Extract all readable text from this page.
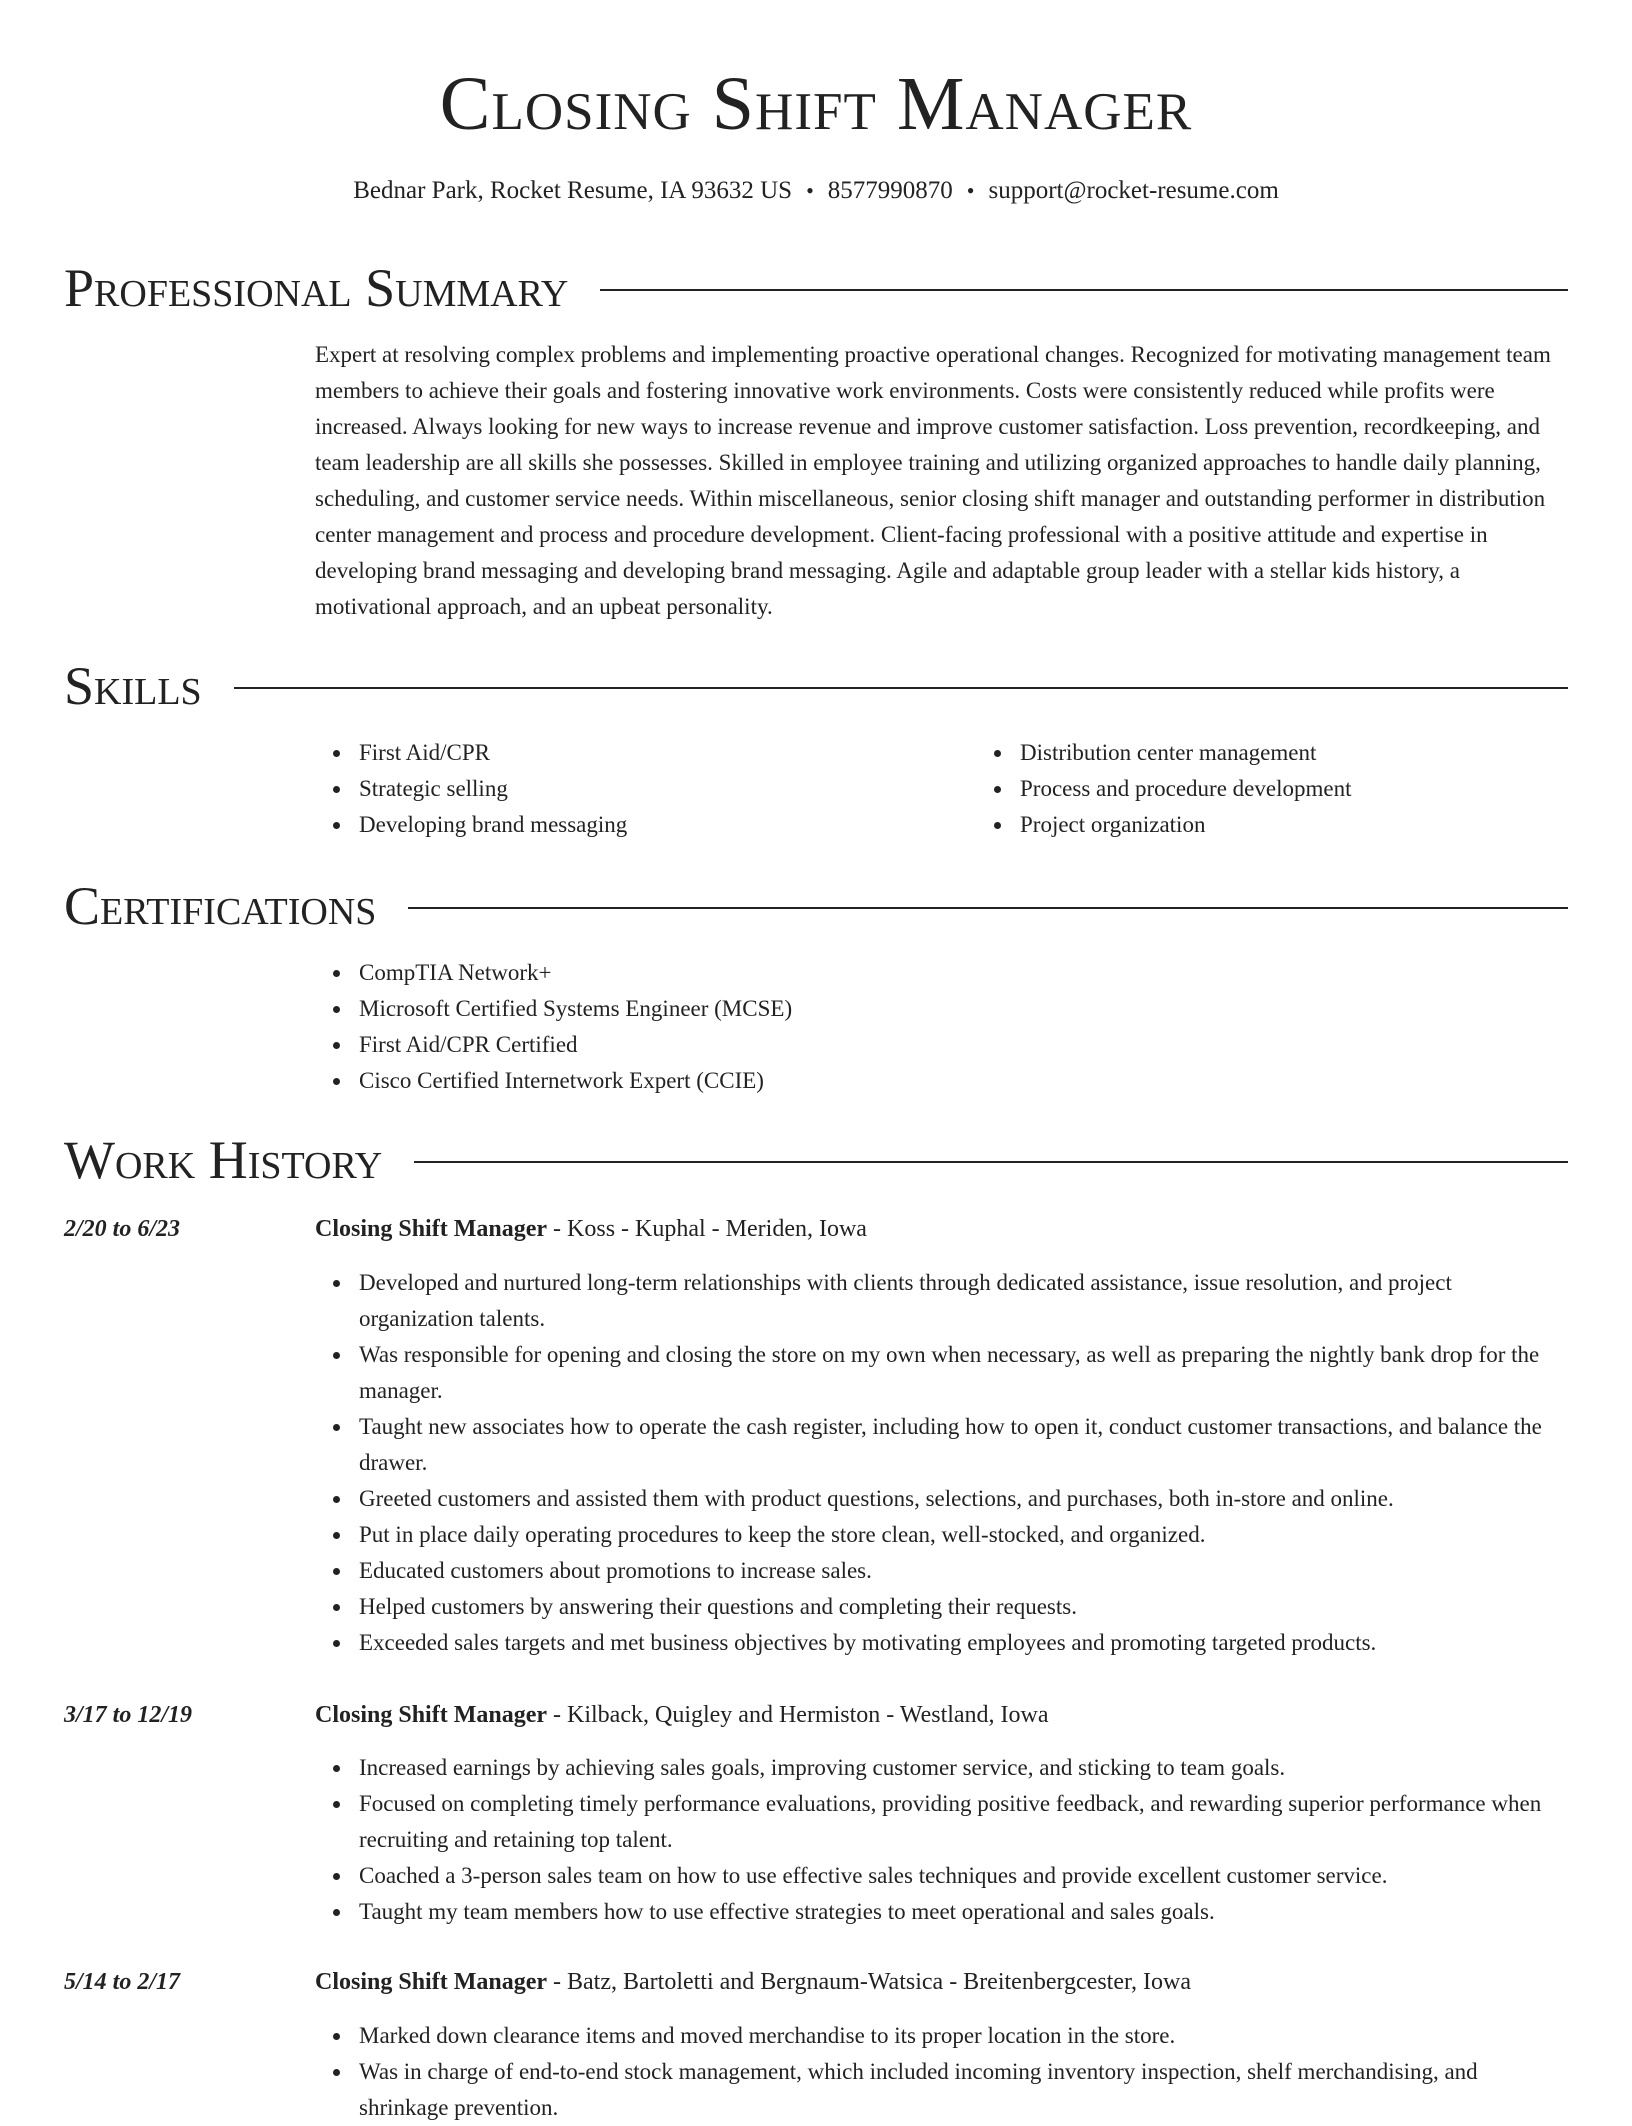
Closing Shift Manager
Bednar Park, Rocket Resume, IA 93632 US • 8577990870 • support@rocket-resume.com
Professional Summary
Expert at resolving complex problems and implementing proactive operational changes. Recognized for motivating management team members to achieve their goals and fostering innovative work environments. Costs were consistently reduced while profits were increased. Always looking for new ways to increase revenue and improve customer satisfaction. Loss prevention, recordkeeping, and team leadership are all skills she possesses. Skilled in employee training and utilizing organized approaches to handle daily planning, scheduling, and customer service needs. Within miscellaneous, senior closing shift manager and outstanding performer in distribution center management and process and procedure development. Client-facing professional with a positive attitude and expertise in developing brand messaging and developing brand messaging. Agile and adaptable group leader with a stellar kids history, a motivational approach, and an upbeat personality.
Skills
First Aid/CPR
Strategic selling
Developing brand messaging
Distribution center management
Process and procedure development
Project organization
Certifications
CompTIA Network+
Microsoft Certified Systems Engineer (MCSE)
First Aid/CPR Certified
Cisco Certified Internetwork Expert (CCIE)
Work History
2/20 to 6/23	Closing Shift Manager - Koss - Kuphal - Meriden, Iowa
Developed and nurtured long-term relationships with clients through dedicated assistance, issue resolution, and project organization talents.
Was responsible for opening and closing the store on my own when necessary, as well as preparing the nightly bank drop for the manager.
Taught new associates how to operate the cash register, including how to open it, conduct customer transactions, and balance the drawer.
Greeted customers and assisted them with product questions, selections, and purchases, both in-store and online.
Put in place daily operating procedures to keep the store clean, well-stocked, and organized.
Educated customers about promotions to increase sales.
Helped customers by answering their questions and completing their requests.
Exceeded sales targets and met business objectives by motivating employees and promoting targeted products.
3/17 to 12/19	Closing Shift Manager - Kilback, Quigley and Hermiston - Westland, Iowa
Increased earnings by achieving sales goals, improving customer service, and sticking to team goals.
Focused on completing timely performance evaluations, providing positive feedback, and rewarding superior performance when recruiting and retaining top talent.
Coached a 3-person sales team on how to use effective sales techniques and provide excellent customer service.
Taught my team members how to use effective strategies to meet operational and sales goals.
5/14 to 2/17	Closing Shift Manager - Batz, Bartoletti and Bergnaum-Watsica - Breitenbergcester, Iowa
Marked down clearance items and moved merchandise to its proper location in the store.
Was in charge of end-to-end stock management, which included incoming inventory inspection, shelf merchandising, and shrinkage prevention.
